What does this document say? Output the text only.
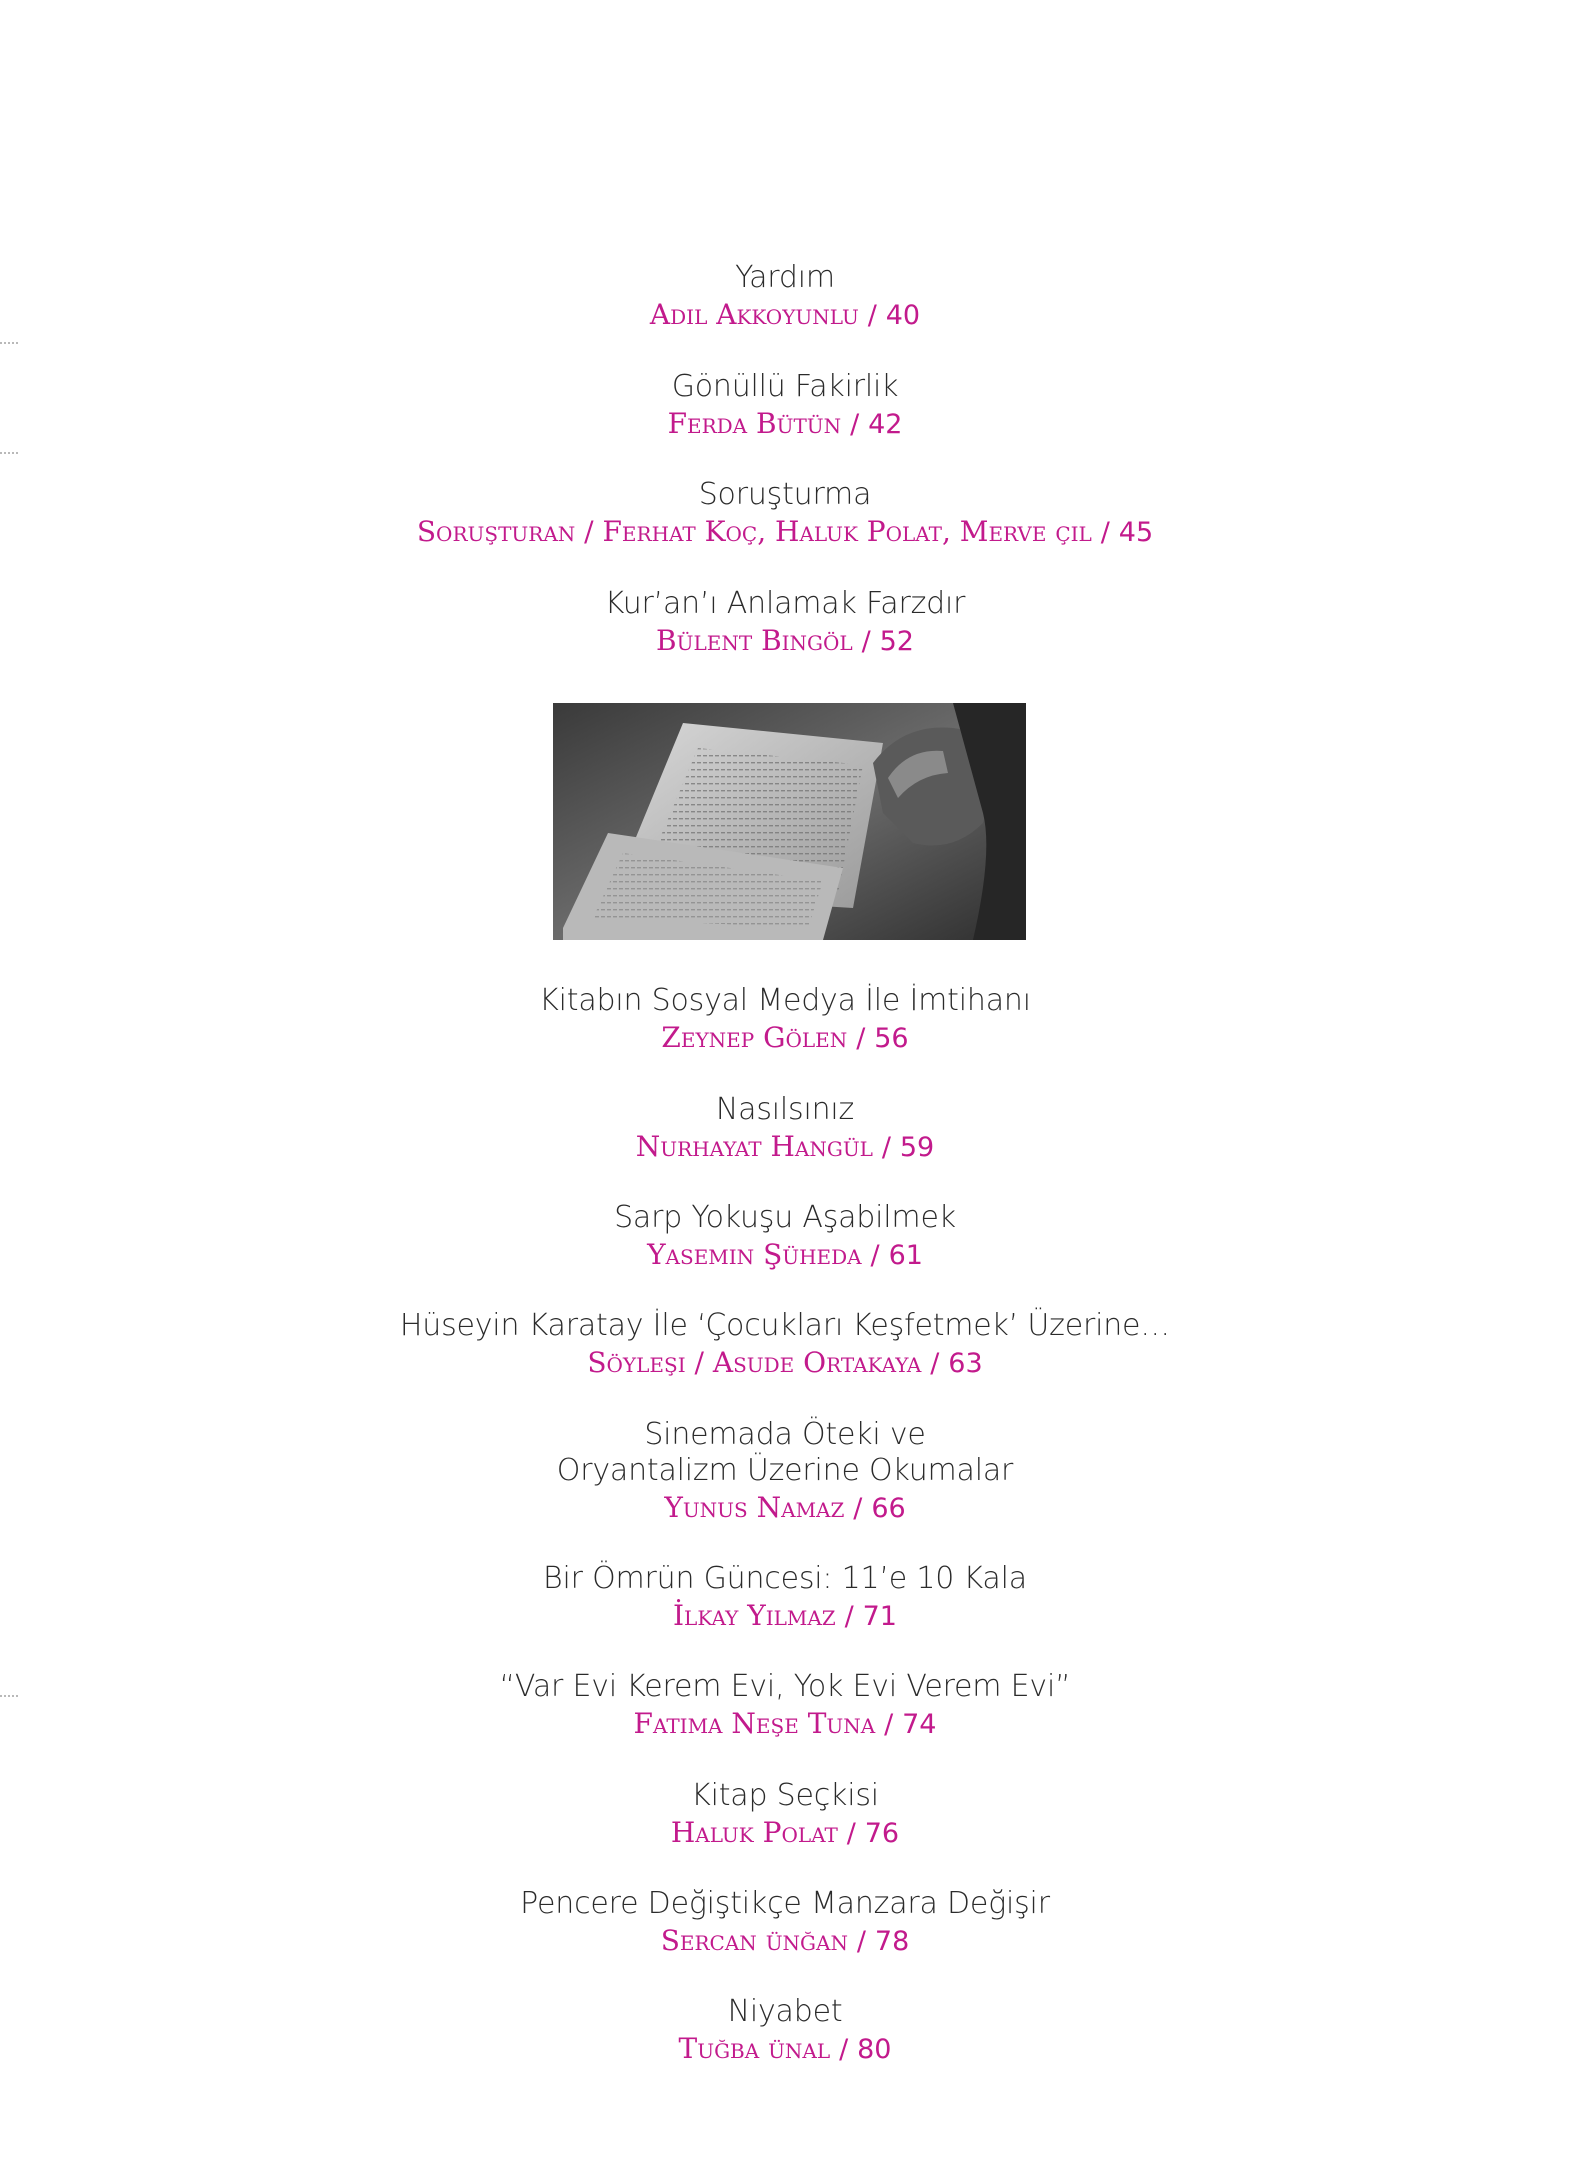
Yardım
Adil Akkoyunlu / 40
Gönüllü Fakirlik
Ferda Bütün / 42
Soruşturma
Soruşturan / Ferhat Koç, Haluk Polat, Merve çil / 45
Kur’an’ı Anlamak Farzdır
Bülent Bingöl / 52
Kitabın Sosyal Medya İle İmtihanı
Zeynep Gölen / 56
Nasılsınız
Nurhayat Hangül / 59
Sarp Yokuşu Aşabilmek
Yasemin Şüheda / 61
Hüseyin Karatay İle ‘Çocukları Keşfetmek’ Üzerine…
Söyleşi / Asude Ortakaya / 63
Sinemada Öteki ve
Oryantalizm Üzerine Okumalar
Yunus Namaz / 66
Bir Ömrün Güncesi: 11’e 10 Kala
İlkay Yılmaz / 71
“Var Evi Kerem Evi, Yok Evi Verem Evi”
Fatıma Neşe Tuna / 74
Kitap Seçkisi
Haluk Polat / 76
Pencere Değiştikçe Manzara Değişir
Sercan ünğan / 78
Niyabet
Tuğba ünal / 80
